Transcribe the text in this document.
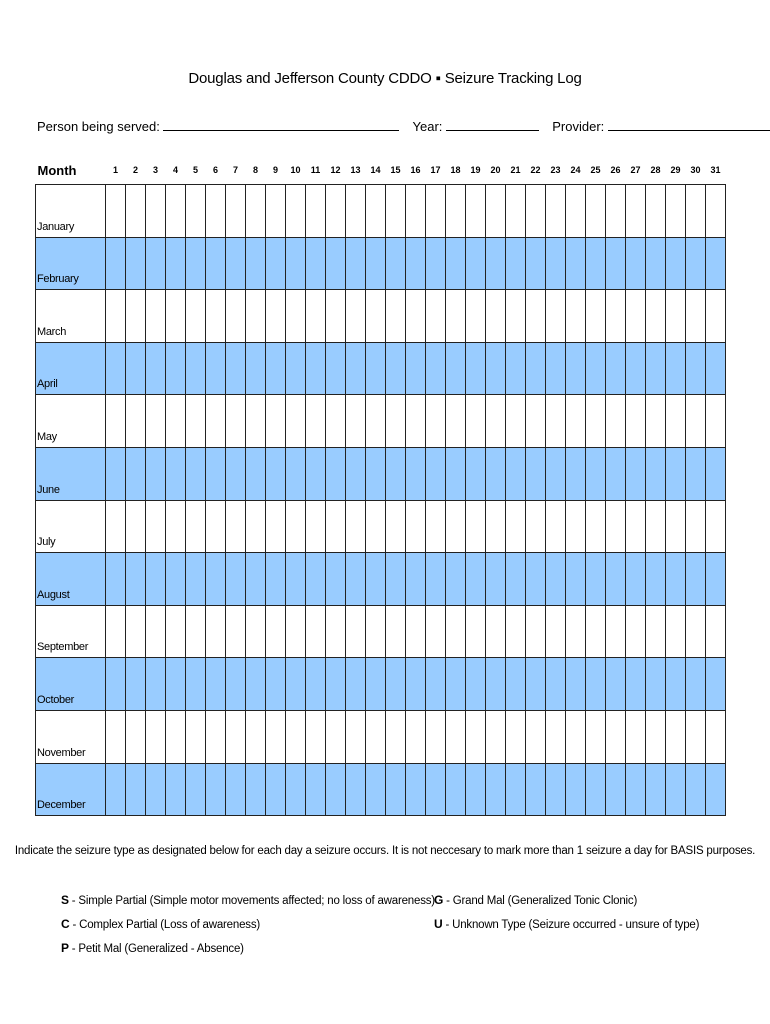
Douglas and Jefferson County CDDO ▪ Seizure Tracking Log
Person being served:	Year:	Provider:
Month	1	2	3	4	5	6	7	8	9	10	11	12	13	14	15	16	17	18	19	20	21	22	23	24	25	26	27	28	29	30	31
January																															
February																															
March																															
April																															
May																															
June																															
July																															
August																															
September																															
October																															
November																															
December																															
Indicate the seizure type as designated below for each day a seizure occurs. It is not neccesary to mark more than 1 seizure a day for BASIS purposes.
S - Simple Partial (Simple motor movements affected; no loss of awareness)
C - Complex Partial (Loss of awareness)
P - Petit Mal (Generalized - Absence)
G - Grand Mal (Generalized Tonic Clonic)
U - Unknown Type (Seizure occurred - unsure of type)
